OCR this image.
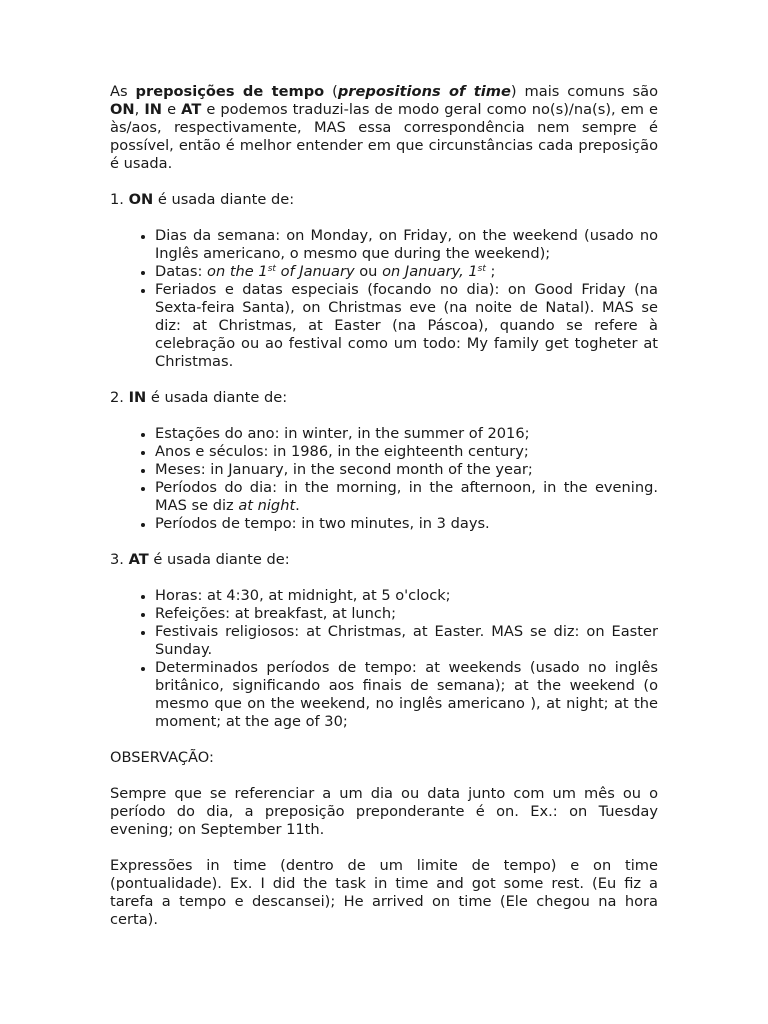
As preposições de tempo (prepositions of time) mais comuns são ON, IN e AT e podemos traduzi-las de modo geral como no(s)/na(s), em e às/aos, respectivamente, MAS essa correspondência nem sempre é possível, então é melhor entender em que circunstâncias cada preposição é usada.

1. ON é usada diante de:

• Dias da semana: on Monday, on Friday, on the weekend (usado no Inglês americano, o mesmo que during the weekend);
• Datas: on the 1st of January ou on January, 1st ;
• Feriados e datas especiais (focando no dia): on Good Friday (na Sexta-feira Santa), on Christmas eve (na noite de Natal). MAS se diz: at Christmas, at Easter (na Páscoa), quando se refere à celebração ou ao festival como um todo: My family get togheter at Christmas.

2. IN é usada diante de:

• Estações do ano: in winter, in the summer of 2016;
• Anos e séculos: in 1986, in the eighteenth century;
• Meses: in January, in the second month of the year;
• Períodos do dia: in the morning, in the afternoon, in the evening. MAS se diz at night.
• Períodos de tempo: in two minutes, in 3 days.

3. AT é usada diante de:

• Horas: at 4:30, at midnight, at 5 o'clock;
• Refeições: at breakfast, at lunch;
• Festivais religiosos: at Christmas, at Easter. MAS se diz: on Easter Sunday.
• Determinados períodos de tempo: at weekends (usado no inglês britânico, significando aos finais de semana); at the weekend (o mesmo que on the weekend, no inglês americano ), at night; at the moment; at the age of 30;

OBSERVAÇÃO:

Sempre que se referenciar a um dia ou data junto com um mês ou o período do dia, a preposição preponderante é on. Ex.: on Tuesday evening; on September 11th.

Expressões in time (dentro de um limite de tempo) e on time (pontualidade). Ex. I did the task in time and got some rest. (Eu fiz a tarefa a tempo e descansei); He arrived on time (Ele chegou na hora certa).
